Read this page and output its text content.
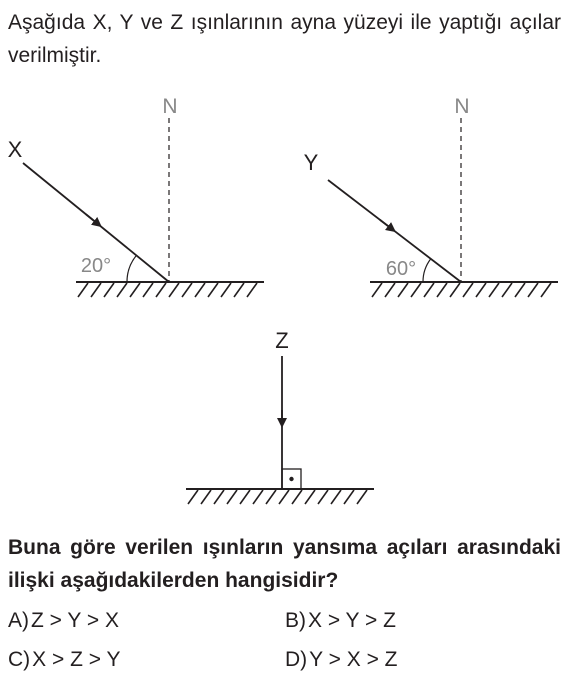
Aşağıda X, Y ve Z ışınlarının ayna yüzeyi ile yaptığı açılar verilmiştir.

N
X
20°
N
Y
60°
Z

Buna göre verilen ışınların yansıma açıları arasındaki ilişki aşağıdakilerden hangisidir?

A)Z > Y > X	B)X > Y > Z
C)X > Z > Y	D)Y > X > Z
